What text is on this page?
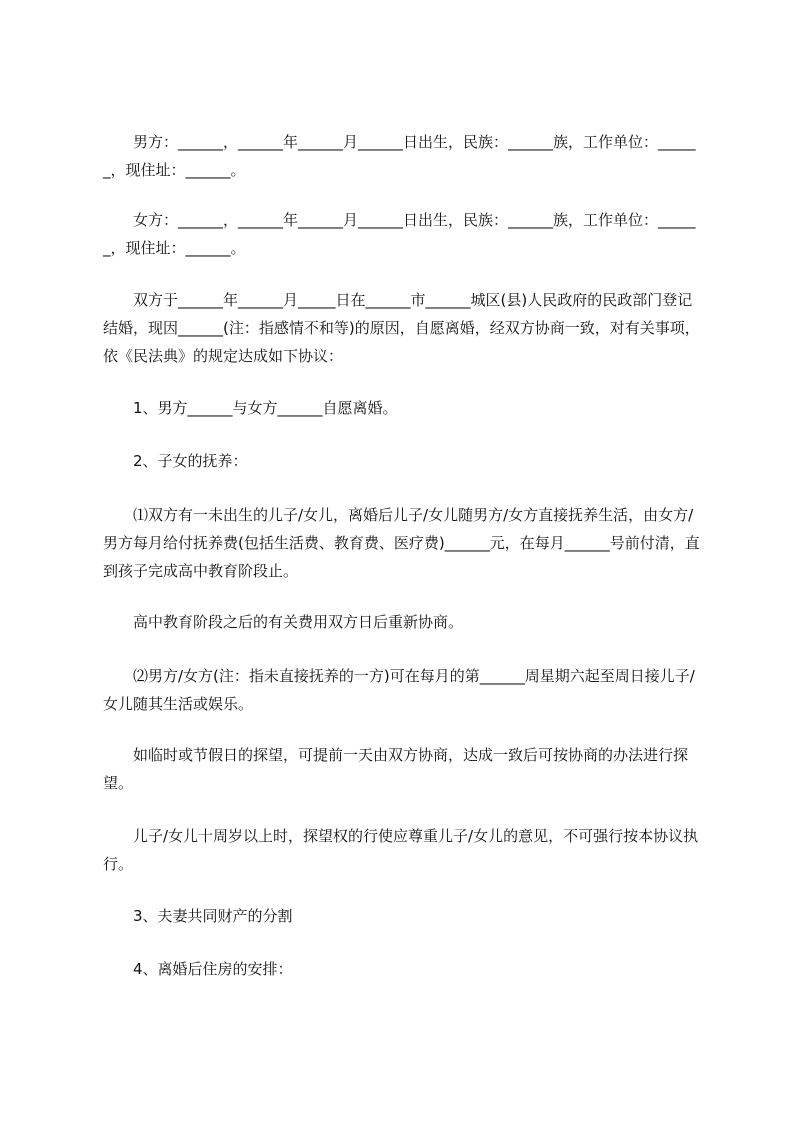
　　男方：______，______年______月______日出生，民族：______族，工作单位：______，现住址：______。

　　女方：______，______年______月______日出生，民族：______族，工作单位：______，现住址：______。

　　双方于______年______月_____日在______市______城区(县)人民政府的民政部门登记结婚，现因______(注：指感情不和等)的原因，自愿离婚，经双方协商一致，对有关事项，依《民法典》的规定达成如下协议：

　　1、男方______与女方______自愿离婚。

　　2、子女的抚养：

　　⑴双方有一未出生的儿子/女儿，离婚后儿子/女儿随男方/女方直接抚养生活，由女方/男方每月给付抚养费(包括生活费、教育费、医疗费)______元，在每月______号前付清，直到孩子完成高中教育阶段止。

　　高中教育阶段之后的有关费用双方日后重新协商。

　　⑵男方/女方(注：指未直接抚养的一方)可在每月的第______周星期六起至周日接儿子/女儿随其生活或娱乐。

　　如临时或节假日的探望，可提前一天由双方协商，达成一致后可按协商的办法进行探望。

　　儿子/女儿十周岁以上时，探望权的行使应尊重儿子/女儿的意见，不可强行按本协议执行。

　　3、夫妻共同财产的分割

　　4、离婚后住房的安排：
